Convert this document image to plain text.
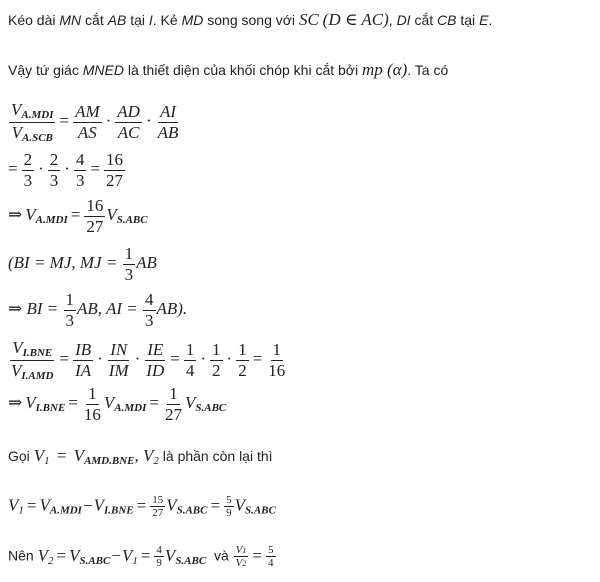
Kéo dài MN cắt AB tại I. Kẻ MD song song với SC (D ∈ AC), DI cắt CB tại E.
Vậy tứ giác MNED là thiết diện của khối chóp khi cắt bởi mp (α). Ta có
$\frac{V_{A.MDI}}{V_{A.SCB}} = \frac{AM}{AS} \cdot \frac{AD}{AC} \cdot \frac{AI}{AB}$
= $\frac{2}{3} \cdot \frac{2}{3} \cdot \frac{4}{3} = \frac{16}{27}$
⇒ $V_{A.MDI} = \frac{16}{27} V_{S.ABC}$
(BI = MJ, MJ = $\frac{1}{3}$ AB
⇒ BI = $\frac{1}{3}$ AB, AI = $\frac{4}{3} AB$).
$\frac{V_{I.BNE}}{V_{I.AMD}} = \frac{IB}{IA} \cdot \frac{IN}{IM} \cdot \frac{IE}{ID} = \frac{1}{4} \cdot \frac{1}{2} \cdot \frac{1}{2} = \frac{1}{16}$
⇒ $V_{I.BNE} = \frac{1}{16} V_{A.MDI} = \frac{1}{27} V_{S.ABC}$
Gọi $V_1 = V_{AMD.BNE}$, $V_2$ là phần còn lại thì
$V_1 = V_{A.MDI}-V_{I.BNE} = \frac{15}{27} V_{S.ABC} = \frac{5}{9} V_{S.ABC}$
Nên $V_2 = V_{S.ABC}-V_1 = \frac{4}{9} V_{S.ABC}$ và $\frac{V1}{V2} = \frac{5}{4}$
